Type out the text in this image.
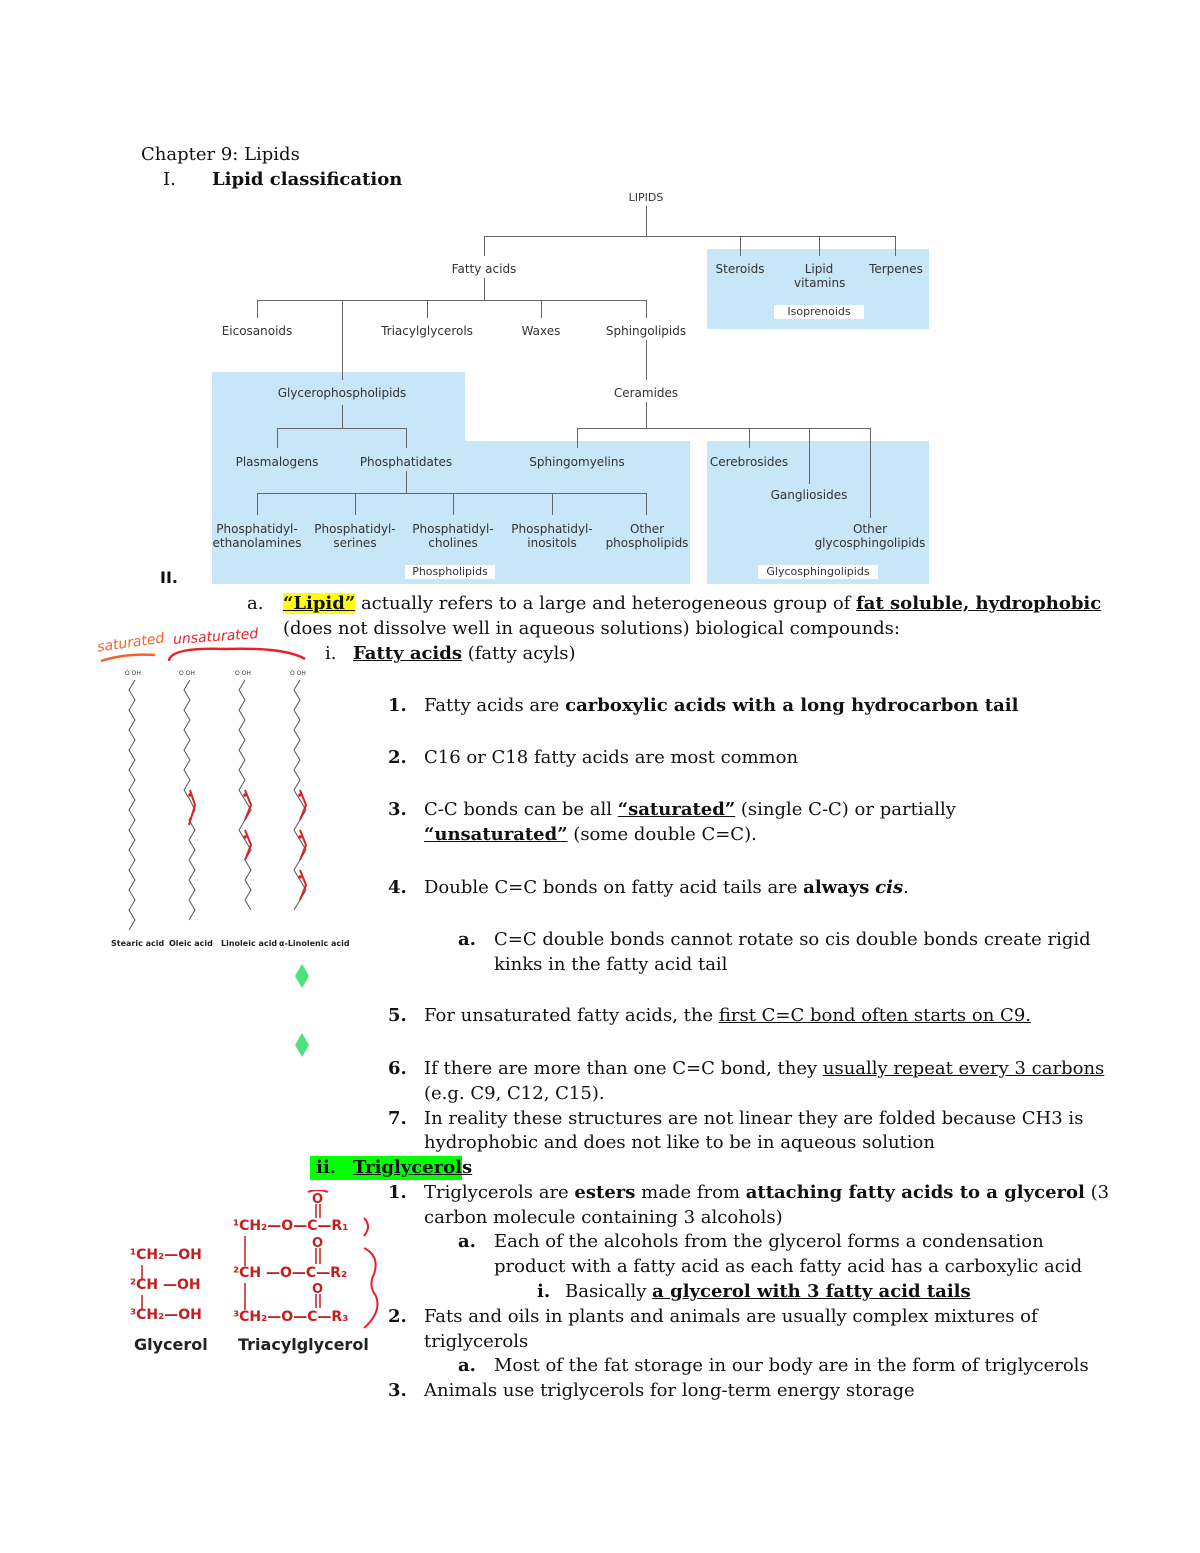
Chapter 9: Lipids
I. Lipid classification
LIPIDS
Fatty acids	Steroids	Lipid vitamins
Terpenes
Isoprenoids
Eicosanoids	Triacylglycerols	Waxes	Sphingolipids
Glycerophospholipids	Ceramides
Plasmalogens	Phosphatidates	Sphingomyelins	Cerebrosides
Gangliosides
Phosphatidyl- ethanolamines
Phosphatidyl- serines
Phosphatidyl- cholines
Phosphatidyl- inositols
Other phospholipids
Other glycosphingolipids
Phospholipids	Glycosphingolipids
II.
a. “Lipid” actually refers to a large and heterogeneous group of fat soluble, hydrophobic
(does not dissolve well in aqueous solutions) biological compounds:
i. Fatty acids (fatty acyls)
1. Fatty acids are carboxylic acids with a long hydrocarbon tail
2. C16 or C18 fatty acids are most common
3. C-C bonds can be all “saturated” (single C-C) or partially
“unsaturated” (some double C=C).
4. Double C=C bonds on fatty acid tails are always cis.
a. C=C double bonds cannot rotate so cis double bonds create rigid
kinks in the fatty acid tail
5. For unsaturated fatty acids, the first C=C bond often starts on C9.
6. If there are more than one C=C bond, they usually repeat every 3 carbons
(e.g. C9, C12, C15).
7. In reality these structures are not linear they are folded because CH3 is
hydrophobic and does not like to be in aqueous solution
ii. Triglycerols
1. Triglycerols are esters made from attaching fatty acids to a glycerol (3
carbon molecule containing 3 alcohols)
a. Each of the alcohols from the glycerol forms a condensation
product with a fatty acid as each fatty acid has a carboxylic acid
i. Basically a glycerol with 3 fatty acid tails
2. Fats and oils in plants and animals are usually complex mixtures of
triglycerols
a. Most of the fat storage in our body are in the form of triglycerols
3. Animals use triglycerols for long-term energy storage
saturated unsaturated
O OH	O OH	O OH	O OH
Stearic acid Oleic acid Linoleic acid α-Linolenic acid
¹CH₂—OH
²CH —OH
³CH₂—OH
Glycerol
¹CH₂—O—C—R₁
²CH —O—C—R₂
³CH₂—O—C—R₃
Triacylglycerol
O
O
O
